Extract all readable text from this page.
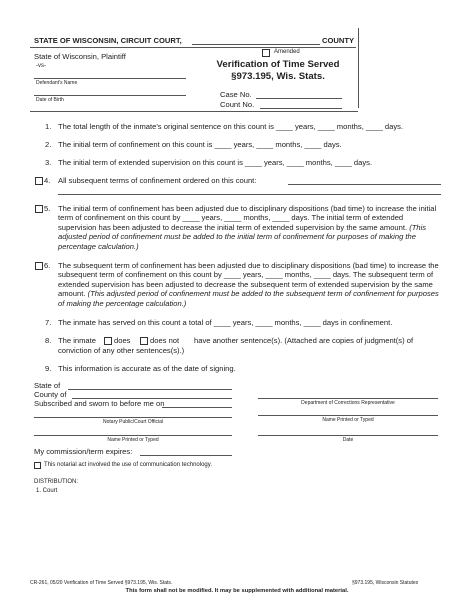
STATE OF WISCONSIN, CIRCUIT COURT,	COUNTY
State of Wisconsin, Plaintiff
-vs-
Defendant's Name
Date of Birth
Amended
Verification of Time Served
§973.195, Wis. Stats.
Case No.
Count No.
1. The total length of the inmate's original sentence on this count is ____ years, ____ months, ____ days.
2. The initial term of confinement on this count is ____ years, ____ months, ____ days.
3. The initial term of extended supervision on this count is ____ years, ____ months, ____ days.
4. All subsequent terms of confinement ordered on this count:
5. The initial term of confinement has been adjusted due to disciplinary dispositions (bad time) to increase the initial term of confinement on this count by ____ years, ____ months, ____ days. The initial term of extended supervision has been adjusted to decrease the initial term of extended supervision by the same amount. (This adjusted period of confinement must be added to the initial term of confinement for purposes of making the percentage calculation.)
6. The subsequent term of confinement has been adjusted due to disciplinary dispositions (bad time) to increase the subsequent term of confinement on this count by ____ years, ____ months, ____ days. The subsequent term of extended supervision has been adjusted to decrease the subsequent term of extended supervision by the same amount. (This adjusted period of confinement must be added to the subsequent term of confinement for purposes of making the percentage calculation.)
7. The inmate has served on this count a total of ____ years, ____ months, ____ days in confinement.
8. The inmate does	does not have another sentence(s). (Attached are copies of judgment(s) of
conviction of any other sentences(s).)
9. This information is accurate as of the date of signing.
State of
County of
Subscribed and sworn to before me on	Department of Corrections Representative
Notary Public/Court Official	Name Printed or Typed
Name Printed or Typed	Date
My commission/term expires:
This notarial act involved the use of communication technology.
DISTRIBUTION:
1. Court
CR-261, 05/20 Verification of Time Served §973.195, Wis. Stats.	§973.195, Wisconsin Statutes
This form shall not be modified. It may be supplemented with additional material.
